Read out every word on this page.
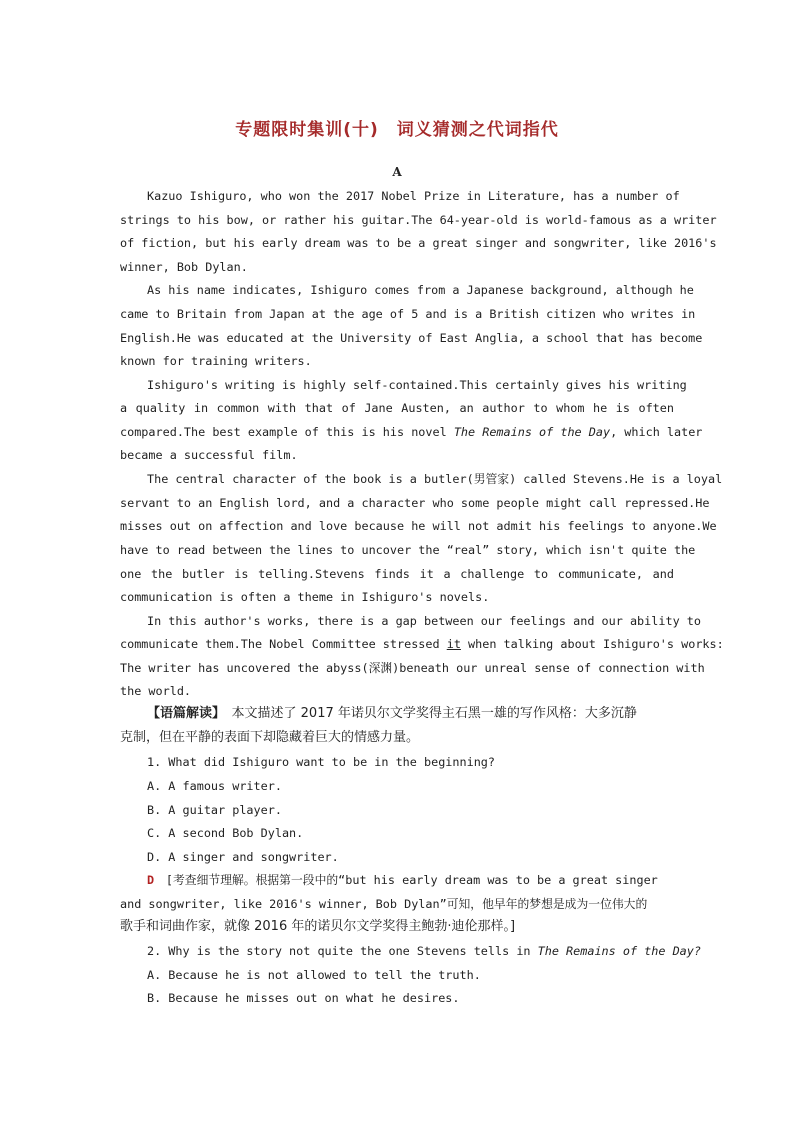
专题限时集训(十)　词义猜测之代词指代
A
Kazuo Ishiguro, who won the 2017 Nobel Prize in Literature, has a number of
strings to his bow, or rather his guitar.The 64-year-old is world-famous as a writer
of fiction, but his early dream was to be a great singer and songwriter, like 2016's
winner, Bob Dylan.
As his name indicates, Ishiguro comes from a Japanese background, although he
came to Britain from Japan at the age of 5 and is a British citizen who writes in
English.He was educated at the University of East Anglia, a school that has become
known for training writers.
Ishiguro's writing is highly self-contained.This certainly gives his writing
a quality in common with that of Jane Austen, an author to whom he is often
compared.The best example of this is his novel The Remains of the Day, which later
became a successful film.
The central character of the book is a butler(男管家) called Stevens.He is a loyal
servant to an English lord, and a character who some people might call repressed.He
misses out on affection and love because he will not admit his feelings to anyone.We
have to read between the lines to uncover the “real” story, which isn't quite the
one the butler is telling.Stevens finds it a challenge to communicate, and
communication is often a theme in Ishiguro's novels.
In this author's works, there is a gap between our feelings and our ability to
communicate them.The Nobel Committee stressed it when talking about Ishiguro's works:
The writer has uncovered the abyss(深渊)beneath our unreal sense of connection with
the world.
【语篇解读】　本文描述了 2017 年诺贝尔文学奖得主石黑一雄的写作风格：大多沉静
克制，但在平静的表面下却隐藏着巨大的情感力量。
1. What did Ishiguro want to be in the beginning?
A. A famous writer.
B. A guitar player.
C. A second Bob Dylan.
D. A singer and songwriter.
D　[考查细节理解。根据第一段中的“but his early dream was to be a great singer
and songwriter, like 2016's winner, Bob Dylan”可知，他早年的梦想是成为一位伟大的
歌手和词曲作家，就像 2016 年的诺贝尔文学奖得主鲍勃·迪伦那样。]
2. Why is the story not quite the one Stevens tells in The Remains of the Day?
A. Because he is not allowed to tell the truth.
B. Because he misses out on what he desires.
